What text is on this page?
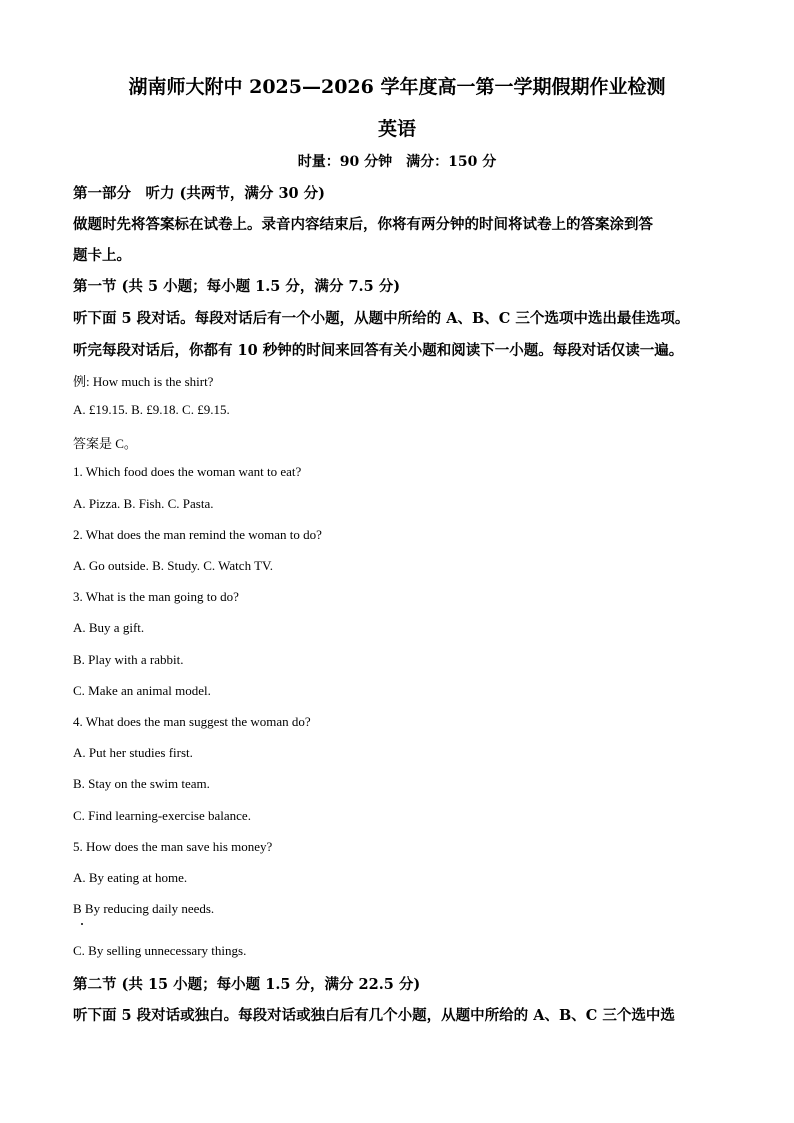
湖南师大附中 2025—2026 学年度高一第一学期假期作业检测
英语
时量：90 分钟　满分：150 分
第一部分　听力 (共两节，满分 30 分)
做题时先将答案标在试卷上。录音内容结束后，你将有两分钟的时间将试卷上的答案涂到答
题卡上。
第一节 (共 5 小题；每小题 1.5 分，满分 7.5 分)
听下面 5 段对话。每段对话后有一个小题，从题中所给的 A、B、C 三个选项中选出最佳选项。
听完每段对话后，你都有 10 秒钟的时间来回答有关小题和阅读下一小题。每段对话仅读一遍。
例: How much is the shirt?
A. £19.15. B. £9.18. C. £9.15.
答案是 C。
1. Which food does the woman want to eat?
A. Pizza. B. Fish. C. Pasta.
2. What does the man remind the woman to do?
A. Go outside. B. Study. C. Watch TV.
3. What is the man going to do?
A. Buy a gift.
B. Play with a rabbit.
C. Make an animal model.
4. What does the man suggest the woman do?
A. Put her studies first.
B. Stay on the swim team.
C. Find learning-exercise balance.
5. How does the man save his money?
A. By eating at home.
B By reducing daily needs.
C. By selling unnecessary things.
第二节 (共 15 小题；每小题 1.5 分，满分 22.5 分)
听下面 5 段对话或独白。每段对话或独白后有几个小题，从题中所给的 A、B、C 三个选中选
